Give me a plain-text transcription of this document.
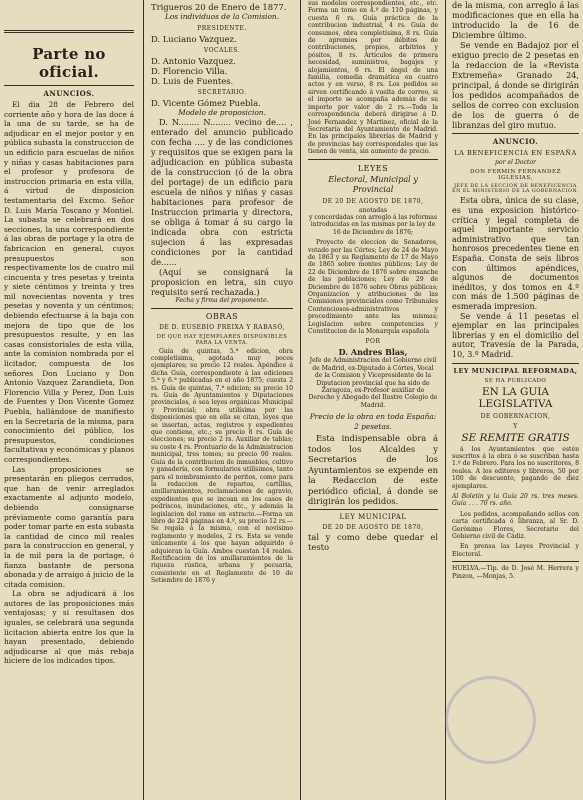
Parte no oficial.
ANUNCIOS.

El dia 28 de Febrero del corriente año y hora de las doce á la una de su tarde, se ha de adjudicar en el mejor postor y en pública subasta la construccion de un edificio para escuelas de niños y niñas y casas habitaciones para el profesor y profesora de instruccion primaria en esta villa, á virtud de disposicion testamentaria del Excmo. Señor D. Luis María Toscano y Montiel. La subasta se celebrará en dos secciones, la una correspondiente á las obras de portage y la otra de fabricacion en general, cuyos presupuestos son respectivamente los de cuatro mil cincuenta y tres pesetas y treinta y siete céntimos y treinta y tres mil novecientas noventa y tres pesetas y noventa y un céntimos; debiendo efectuarse á la baja con mejora de tipo que de los presupuestos resulte, y en las casas consistoriales de esta villa, ante la comision nombrada por el licitador, compuesta de los señores Don Luciano y Don Antonio Vazquez Zarandieta, Don Florencio Villa y Perez, Don Luis de Fuentes y Don Vicente Gomez Puebla, hallándose de manifiesto en la Secretaría de la misma, para conocimiento del público, los presupuestos, condiciones facultativas y económicas y planos correspondientes.

Las proposiciones se presentarán en pliegos cerrados, que han de venir arreglados exactamente al adjunto modelo, debiendo consignarse préviamente como garantía para poder tomar parte en esta subasta la cantidad de cinco mil reales para la construccion en general, y la de mil para la de portage, ó fianza bastante de persona abonada y de arraigo á juicio de la citada comision.

La obra se adjudicará á los autores de las proposiciones más ventajosas; y si resultasen dos iguales, se celebrará una segunda licitacion abierta entre los que la hayan presentado, debiendo adjudicarse al que más rebaja hiciere de los indicados tipos.

Trigueros 20 de Enero de 1877.

Los individuos de la Comision.

PRESIDENTE.

D. Luciano Vazquez.

VOCALES.

D. Antonio Vazquez.

D. Florencio Villa.

D. Luis de Fuentes.

SECRETARIO.

D. Vicente Gómez Puebla.

Modelo de proposicion.

D. N........ N........ vecino de.... , enterado del anuncio publicado con fecha .... y de las condiciones y requisitos que se exigen para la adjudicacion en pública subasta de la construccion (ó de la obra del portage) de un edificio para escuela de niños y niñas y casas habitaciones para profesor de Instruccion primaria y directora, se obliga á tomar á su cargo la indicada obra con estricta sujecion á las expresadas condiciones por la cantidad de......

(Aquí se consignará la proposicion en letra, sin cuyo requisito será rechazada.)

Fecha y firma del proponente.

OBRAS
DE D. EUSEBIO FREIXA Y RABASÓ,
DE QUE HAY EJEMPLARES DISPONIBLES PARA LA VENTA.

Guía de quintas, 5.ª edicion, obra completísima, agotada muy pocos ejemplares; su precio 12 reales. Apéndice á dicha Guía, correspondiente á las ediciones 5.ª y 6.ª publicadas en el año 1875; cuesta 2 rs. Guía de quintas, 7.ª edicion; su precio 10 rs. Guía de Ayuntamientos y Diputaciones provinciales, ó sea leyes orgánicas Municipal y Provincial; obra utilísima por las disposiciones que en ella se citan, leyes que se insertan, actas, registros y expedientes que contiene, etc.; su precio 8 rs. Guía de elecciones; su precio 2 rs. Auxiliar de tablas; su coste 4 rs. Prontuario de la Administracion municipal, tres tomos; su precio 90 reales. Guía de la contribucion de inmuebles, cultivo y ganadería, con formularios utilísimos, tanto para el nombramiento de peritos, como para la redaccion de repartos, cartillas, amillaramientos, reclamaciones de agravio, expedientes que se incoan en los casos de pedriscos, inundaciones, etc., y además la legislacion del ramo en extracto.—Forma un libro de 224 páginas en 4.º, su precio 12 rs.—Se regala á la misma, con el novísimo reglamento y modelos, 2 rs. Esta se vende únicamente á los que hayan adquirido ó adquieran la Guía. Ambos cuestan 14 reales. Rectificacion de los amillaramientos de la riqueza rústica, urbana y pecuaria, consistente en el Reglamento de 10 de Setiembre de 1876 y

sus modelos correspondientes, etc., etc. Forma un tomo en 4.º de 110 páginas, y cuesta 6 rs. Guía práctica de la contribucion industrial, 4 rs. Guía de consumos, obra completísima, 8 rs. Guía de apremios por débitos de contribuciones, propios, arbitrios y pósitos, 8 rs. Artículos de primera necesidad, suministros, bagajes y alojamientos, 6 rs. El ángel de una familia, comedia dramática en cuatro actos y en verso, 8 rs. Los pedidos se sirven certificando á vuelta de correo, si el importe se acompaña además de su importe por valor de 2 rs.—Toda la correspondencia deberá dirigirse á D. José Fernandez y Martinez, oficial de la Secretaría del Ayuntamiento de Madrid. En las principales librerías de Madrid y de provincias hay correspondales que las tienen de venta, sin aumento de precio.

LEYES

Electoral, Municipal y Provincial

DE 20 DE AGOSTO DE 1870,

anotadas

y concordadas con arreglo á las reformas introducidas en las mismas por la ley de 16 de Diciembre de 1876;

Proyecto de eleccion de Senadores, votado por las Córtes; Ley de 24 de Mayo de 1863 y su Reglamento de 17 de Mayo de 1865 sobre montes públicos; Ley de 22 de Diciembre de 1876 sobre ensanche de las poblaciones; Ley de 29 de Diciembre de 1876 sobre Obras públicas; Organizacion y atribuciones de las Comisiones provinciales como Tribunales Contenciosos-administrativos y procedimiento ante las mismas; Legislacion sobre competencias y Constitucion de la Monarquía española

POR

D. Andres Blas,

Jefe de Administracion del Gobierno civil de Madrid, ex-Diputado á Córtes, Vocal de la Comision y Vicepresidente de la Diputacion provincial que ha sido de Zaragoza, ex-Profesor auxiliar de Derecho y Abogado del Ilustre Colegio de Madrid.

Precio de la obra en toda España: 2 pesetas.

Esta indispensable obra á todos los Alcaldes y Secretarios de los Ayuntamientos se expende en la Redaccion de este periódico oficial, á donde se dirigirán los pedidos.

LEY MUNICIPAL
DE 20 DE AGOSTO DE 1870,

tal y como debe quedar el testo

de la misma, con arreglo á las modificaciones que en ella ha introducido la de 16 de Diciembre último.

Se vende en Badajoz por el exiguo precio de 2 pesetas en la redaccion de la «Revista Extremeña» Granado 24, principal, á donde se dirigirán los pedidos acompañados de sellos de correo con exclusion de los de guerra ó de libranzas del giro mutuo.

ANUNCIO.
LA BENEFICENCIA EN ESPAÑA

por el Doctor

DON FERMIN FERNANDEZ IGLESIAS,
JEFE DE LA SECCION DE BENEFICENCIA EN EL MINISTERIO DE LA GOBERNACION.

Esta obra, única de su clase, es una exposicion histórico-crítica y legal completa de aquel importante servicio administrativo que tan honrosos precedentes tiene en España. Consta de seis libros con últimos apéndices, algunos de documentos inéditos, y dos tomos en 4.º con más de 1.500 páginas de esmerada impresion.

Se vende á 11 pesetas el ejemplar en las principales librerías y en el domicilio del autor, Travesía de la Parada, 10, 3.º Madrid.

LEY MUNICIPAL REFORMADA,
SE HA PUBLICADO

EN LA GUIA LEGISLATIVA

DE GOBERNACION,
Y

SE REMITE GRATIS

á los Ayuntamientos que estén suscritos á la obra ó se suscriban hasta 1.º de Febrero. Para los no suscritores, 8 reales. A los editores y libreros, 50 por 100 de descuento, pagando de diez ejemplares.

Al Boletín y la Guía 20 rs. tres meses. Guía . . . 70 rs. año.

Los pedidos, acompañando sellos con carta certificada ó libranza, al Sr. D. Gerónimo Flores, Secretario del Gobierno civil de Cádiz.

En prensa las Leyes Provincial y Electoral.

HUELVA.—Tip. de D. José M. Herrera y Pinzon, —Monjas, 5.
